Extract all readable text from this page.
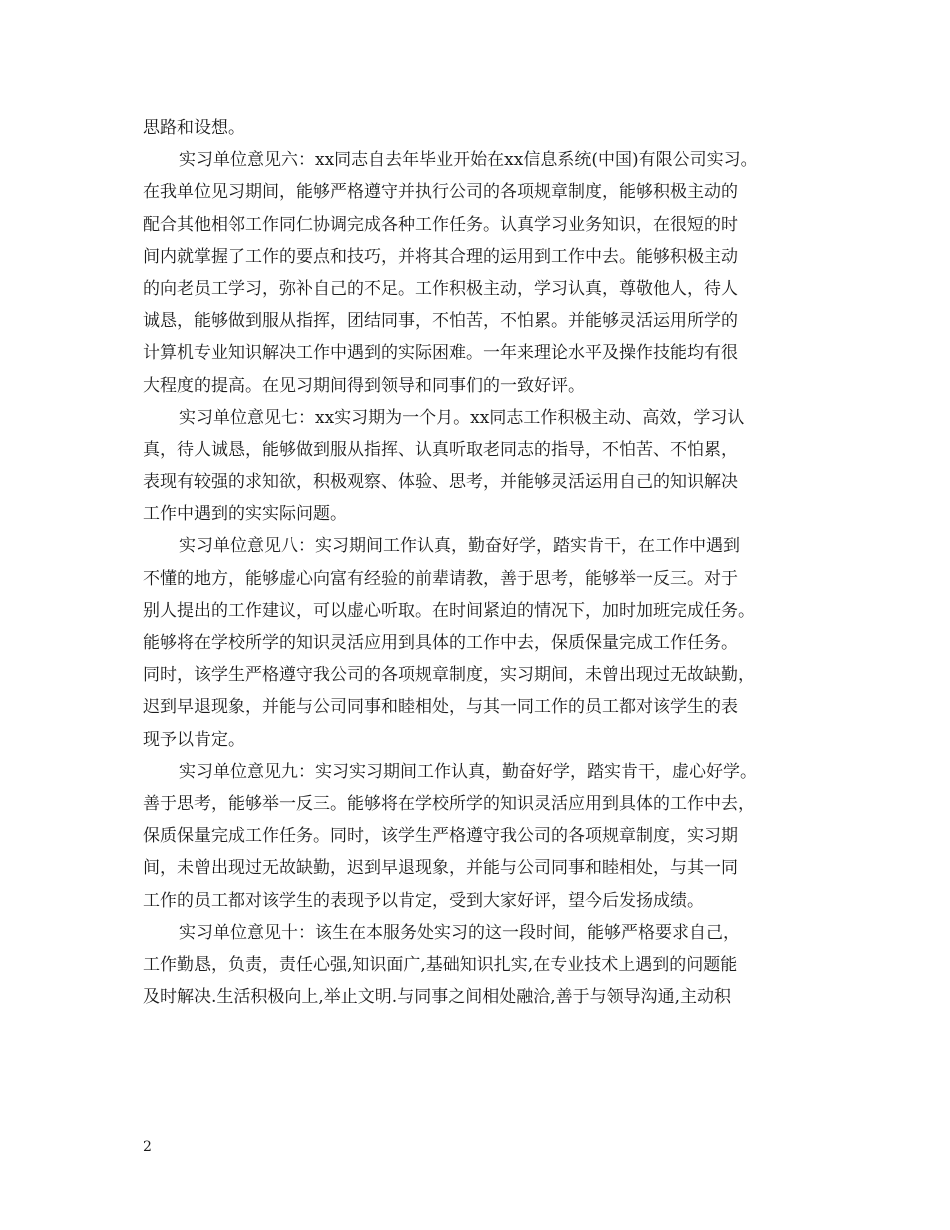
思路和设想。
实习单位意见六：xx同志自去年毕业开始在xx信息系统(中国)有限公司实习。
在我单位见习期间，能够严格遵守并执行公司的各项规章制度，能够积极主动的
配合其他相邻工作同仁协调完成各种工作任务。认真学习业务知识，在很短的时
间内就掌握了工作的要点和技巧，并将其合理的运用到工作中去。能够积极主动
的向老员工学习，弥补自己的不足。工作积极主动，学习认真，尊敬他人，待人
诚恳，能够做到服从指挥，团结同事，不怕苦，不怕累。并能够灵活运用所学的
计算机专业知识解决工作中遇到的实际困难。一年来理论水平及操作技能均有很
大程度的提高。在见习期间得到领导和同事们的一致好评。
实习单位意见七：xx实习期为一个月。xx同志工作积极主动、高效，学习认
真，待人诚恳，能够做到服从指挥、认真听取老同志的指导，不怕苦、不怕累，
表现有较强的求知欲，积极观察、体验、思考，并能够灵活运用自己的知识解决
工作中遇到的实实际问题。
实习单位意见八：实习期间工作认真，勤奋好学，踏实肯干，在工作中遇到
不懂的地方，能够虚心向富有经验的前辈请教，善于思考，能够举一反三。对于
别人提出的工作建议，可以虚心听取。在时间紧迫的情况下，加时加班完成任务。
能够将在学校所学的知识灵活应用到具体的工作中去，保质保量完成工作任务。
同时，该学生严格遵守我公司的各项规章制度，实习期间，未曾出现过无故缺勤，
迟到早退现象，并能与公司同事和睦相处，与其一同工作的员工都对该学生的表
现予以肯定。
实习单位意见九：实习实习期间工作认真，勤奋好学，踏实肯干，虚心好学。
善于思考，能够举一反三。能够将在学校所学的知识灵活应用到具体的工作中去，
保质保量完成工作任务。同时，该学生严格遵守我公司的各项规章制度，实习期
间，未曾出现过无故缺勤，迟到早退现象，并能与公司同事和睦相处，与其一同
工作的员工都对该学生的表现予以肯定，受到大家好评，望今后发扬成绩。
实习单位意见十：该生在本服务处实习的这一段时间，能够严格要求自己，
工作勤恳，负责，责任心强,知识面广,基础知识扎实,在专业技术上遇到的问题能
及时解决.生活积极向上,举止文明.与同事之间相处融洽,善于与领导沟通,主动积
2
